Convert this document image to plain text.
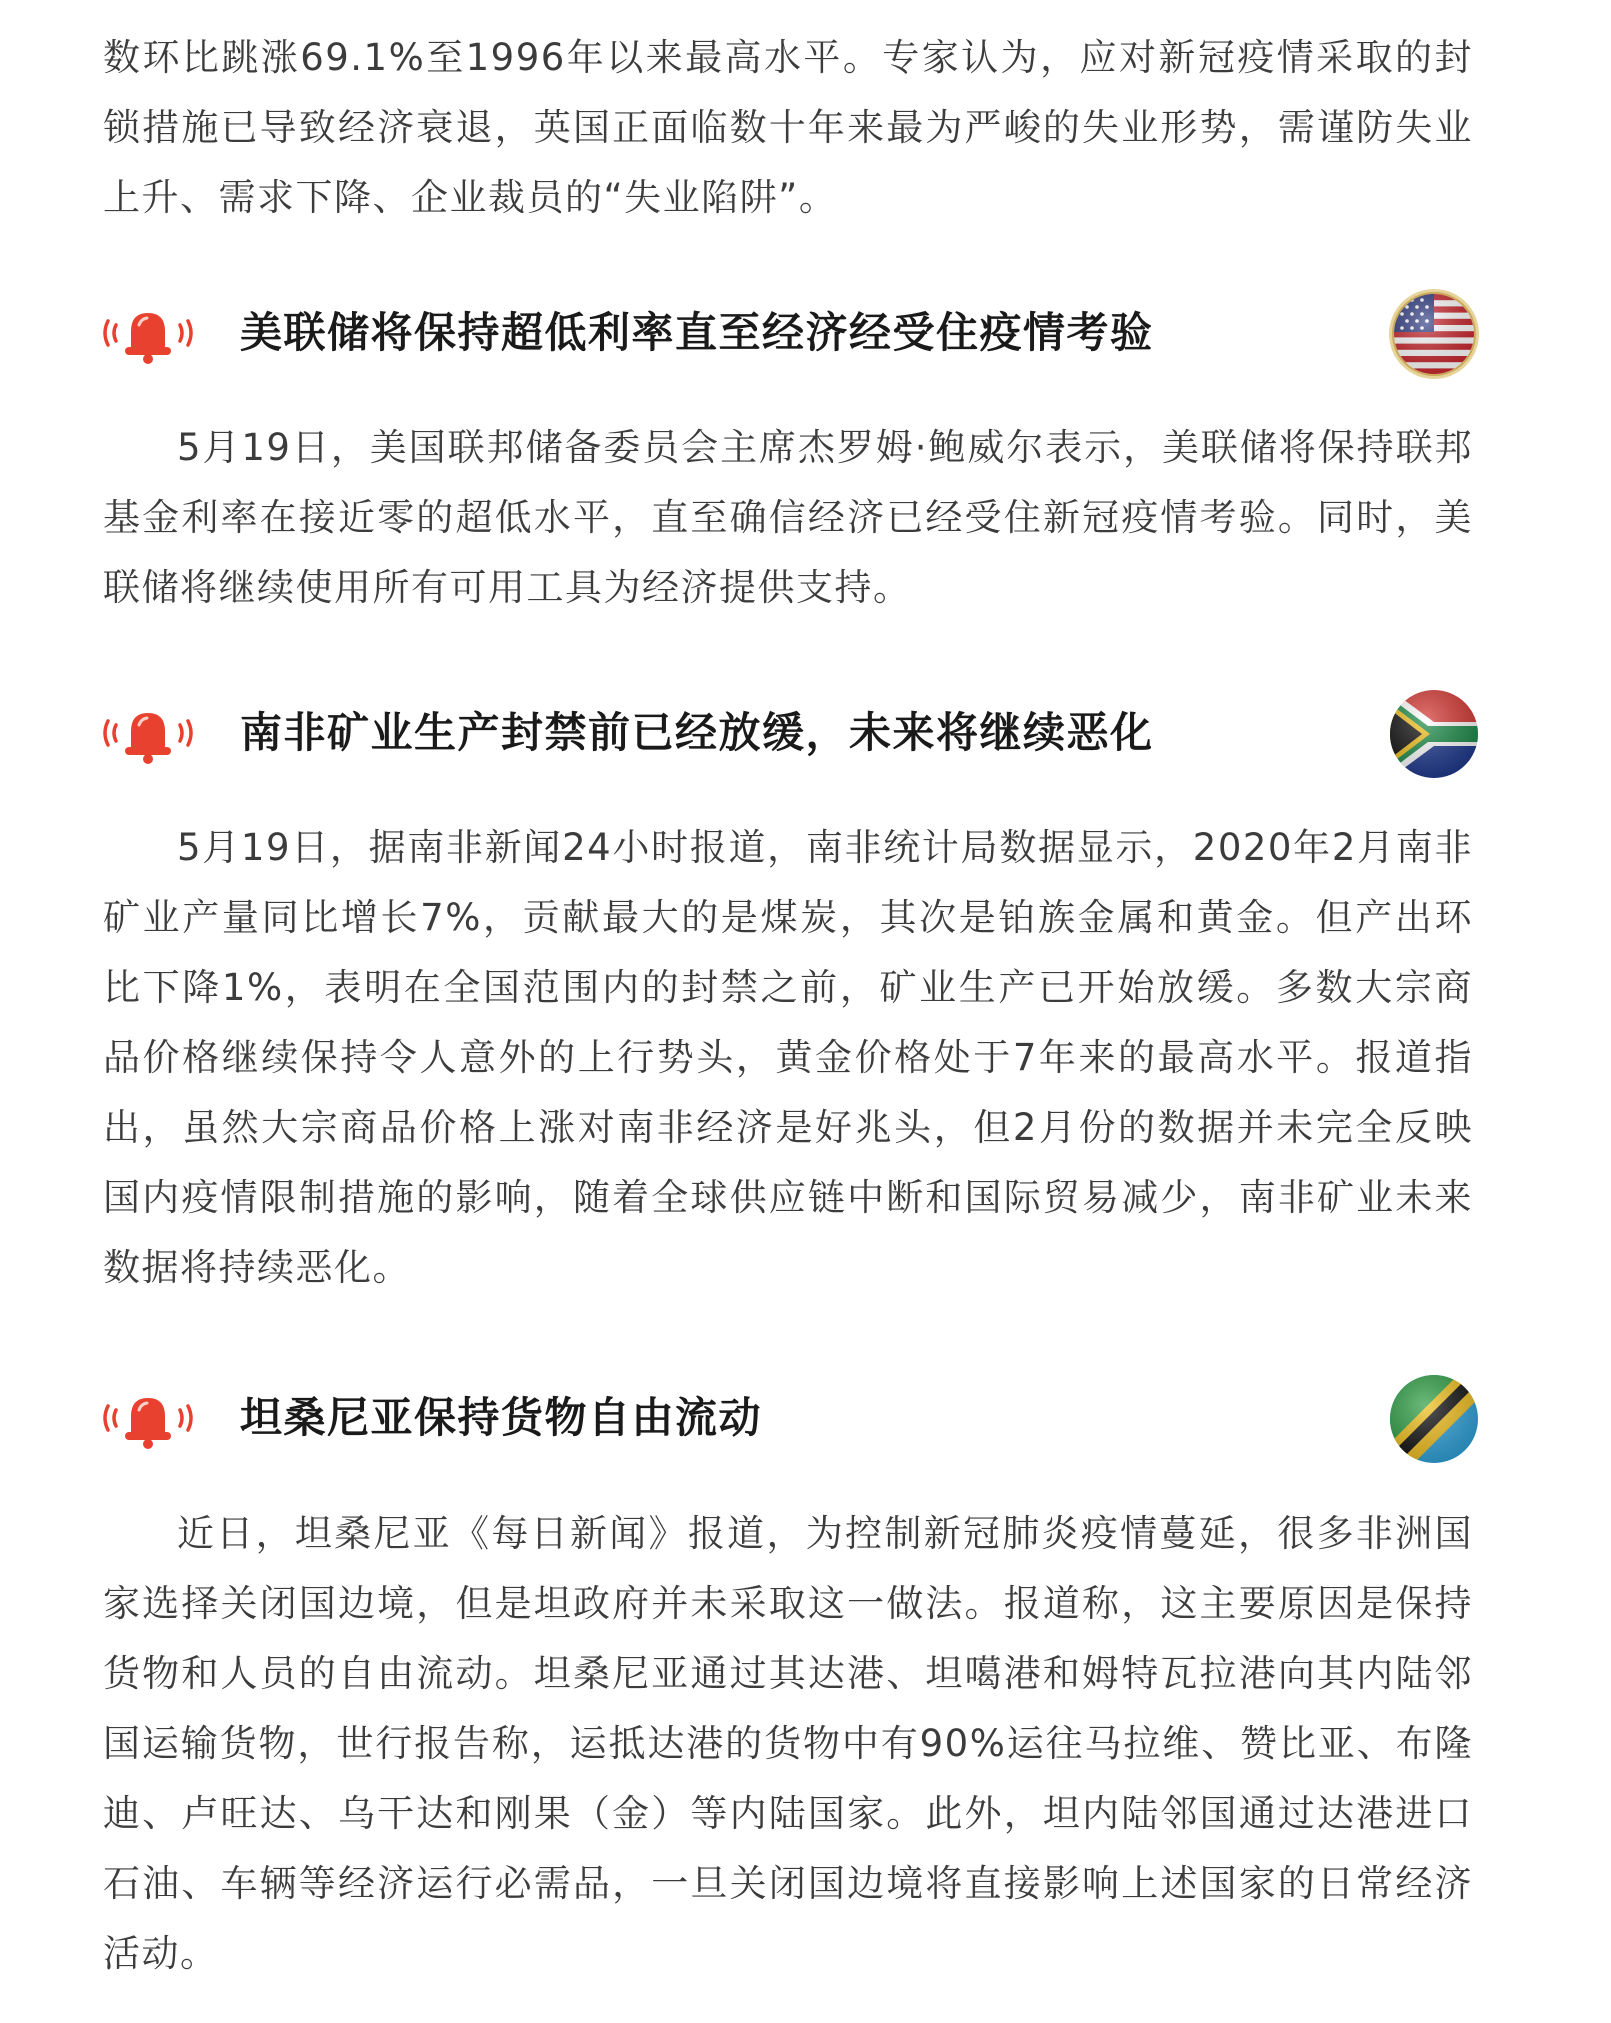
数环比跳涨69.1%至1996年以来最高水平。专家认为，应对新冠疫情采取的封锁措施已导致经济衰退，英国正面临数十年来最为严峻的失业形势，需谨防失业上升、需求下降、企业裁员的“失业陷阱”。

美联储将保持超低利率直至经济经受住疫情考验

5月19日，美国联邦储备委员会主席杰罗姆·鲍威尔表示，美联储将保持联邦基金利率在接近零的超低水平，直至确信经济已经受住新冠疫情考验。同时，美联储将继续使用所有可用工具为经济提供支持。

南非矿业生产封禁前已经放缓，未来将继续恶化

5月19日，据南非新闻24小时报道，南非统计局数据显示，2020年2月南非矿业产量同比增长7%，贡献最大的是煤炭，其次是铂族金属和黄金。但产出环比下降1%，表明在全国范围内的封禁之前，矿业生产已开始放缓。多数大宗商品价格继续保持令人意外的上行势头，黄金价格处于7年来的最高水平。报道指出，虽然大宗商品价格上涨对南非经济是好兆头，但2月份的数据并未完全反映国内疫情限制措施的影响，随着全球供应链中断和国际贸易减少，南非矿业未来数据将持续恶化。

坦桑尼亚保持货物自由流动

近日，坦桑尼亚《每日新闻》报道，为控制新冠肺炎疫情蔓延，很多非洲国家选择关闭国边境，但是坦政府并未采取这一做法。报道称，这主要原因是保持货物和人员的自由流动。坦桑尼亚通过其达港、坦噶港和姆特瓦拉港向其内陆邻国运输货物，世行报告称，运抵达港的货物中有90%运往马拉维、赞比亚、布隆迪、卢旺达、乌干达和刚果（金）等内陆国家。此外，坦内陆邻国通过达港进口石油、车辆等经济运行必需品，一旦关闭国边境将直接影响上述国家的日常经济活动。
